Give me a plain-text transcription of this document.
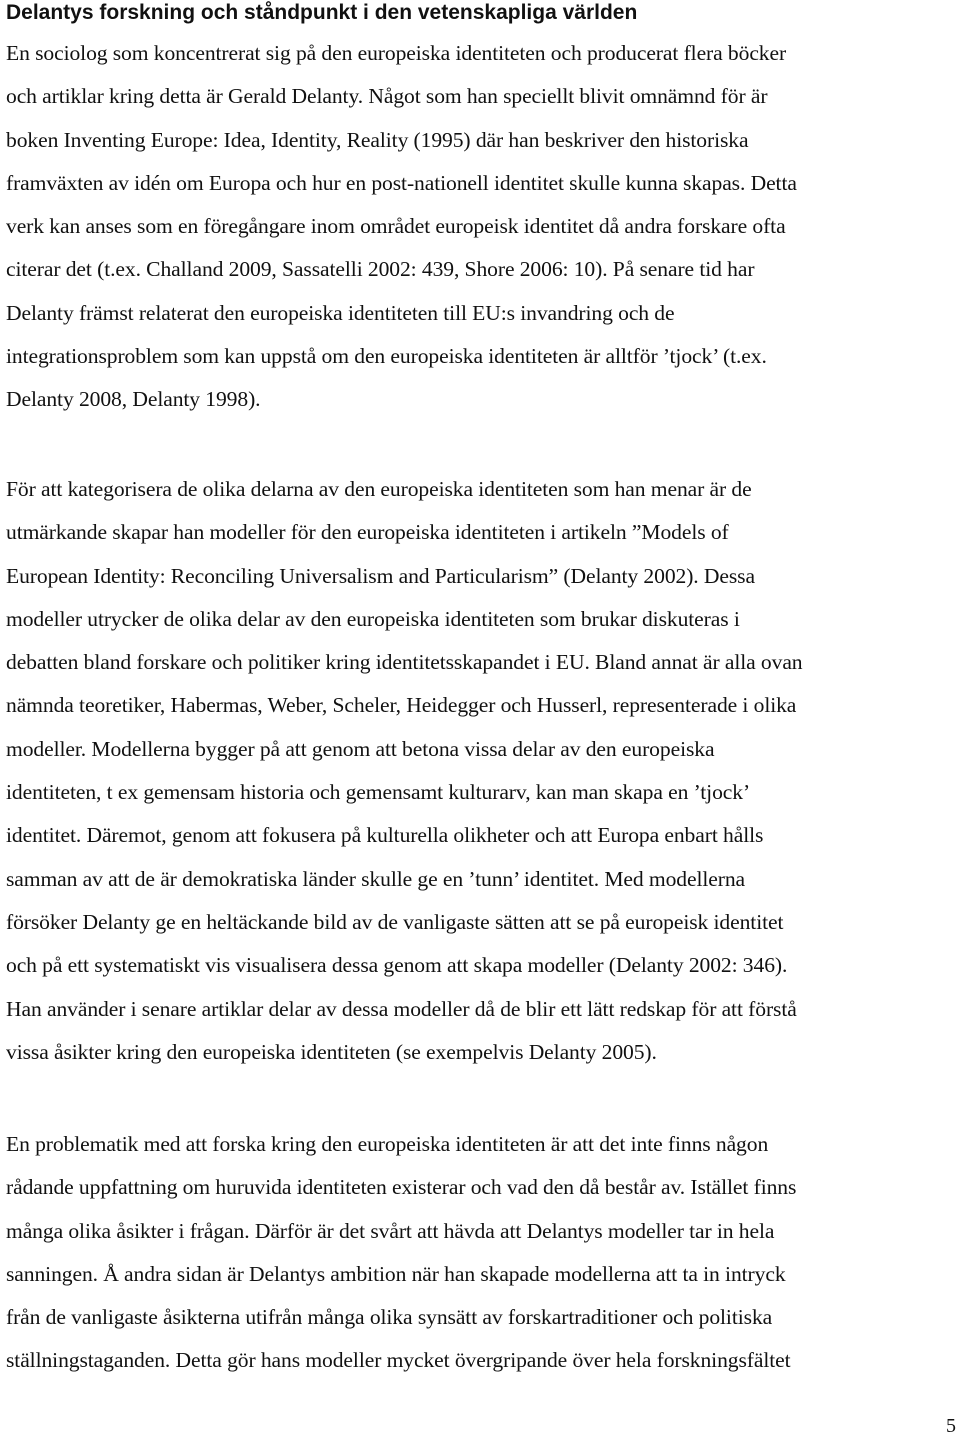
Delantys forskning och ståndpunkt i den vetenskapliga världen
En sociolog som koncentrerat sig på den europeiska identiteten och producerat flera böcker
och artiklar kring detta är Gerald Delanty. Något som han speciellt blivit omnämnd för är
boken Inventing Europe: Idea, Identity, Reality (1995) där han beskriver den historiska
framväxten av idén om Europa och hur en post-nationell identitet skulle kunna skapas. Detta
verk kan anses som en föregångare inom området europeisk identitet då andra forskare ofta
citerar det (t.ex. Challand 2009, Sassatelli 2002: 439, Shore 2006: 10). På senare tid har
Delanty främst relaterat den europeiska identiteten till EU:s invandring och de
integrationsproblem som kan uppstå om den europeiska identiteten är alltför ’tjock’ (t.ex.
Delanty 2008, Delanty 1998).
För att kategorisera de olika delarna av den europeiska identiteten som han menar är de
utmärkande skapar han modeller för den europeiska identiteten i artikeln ”Models of
European Identity: Reconciling Universalism and Particularism” (Delanty 2002). Dessa
modeller utrycker de olika delar av den europeiska identiteten som brukar diskuteras i
debatten bland forskare och politiker kring identitetsskapandet i EU. Bland annat är alla ovan
nämnda teoretiker, Habermas, Weber, Scheler, Heidegger och Husserl, representerade i olika
modeller. Modellerna bygger på att genom att betona vissa delar av den europeiska
identiteten, t ex gemensam historia och gemensamt kulturarv, kan man skapa en ’tjock’
identitet. Däremot, genom att fokusera på kulturella olikheter och att Europa enbart hålls
samman av att de är demokratiska länder skulle ge en ’tunn’ identitet. Med modellerna
försöker Delanty ge en heltäckande bild av de vanligaste sätten att se på europeisk identitet
och på ett systematiskt vis visualisera dessa genom att skapa modeller (Delanty 2002: 346).
Han använder i senare artiklar delar av dessa modeller då de blir ett lätt redskap för att förstå
vissa åsikter kring den europeiska identiteten (se exempelvis Delanty 2005).
En problematik med att forska kring den europeiska identiteten är att det inte finns någon
rådande uppfattning om huruvida identiteten existerar och vad den då består av. Istället finns
många olika åsikter i frågan. Därför är det svårt att hävda att Delantys modeller tar in hela
sanningen. Å andra sidan är Delantys ambition när han skapade modellerna att ta in intryck
från de vanligaste åsikterna utifrån många olika synsätt av forskartraditioner och politiska
ställningstaganden. Detta gör hans modeller mycket övergripande över hela forskningsfältet
5
